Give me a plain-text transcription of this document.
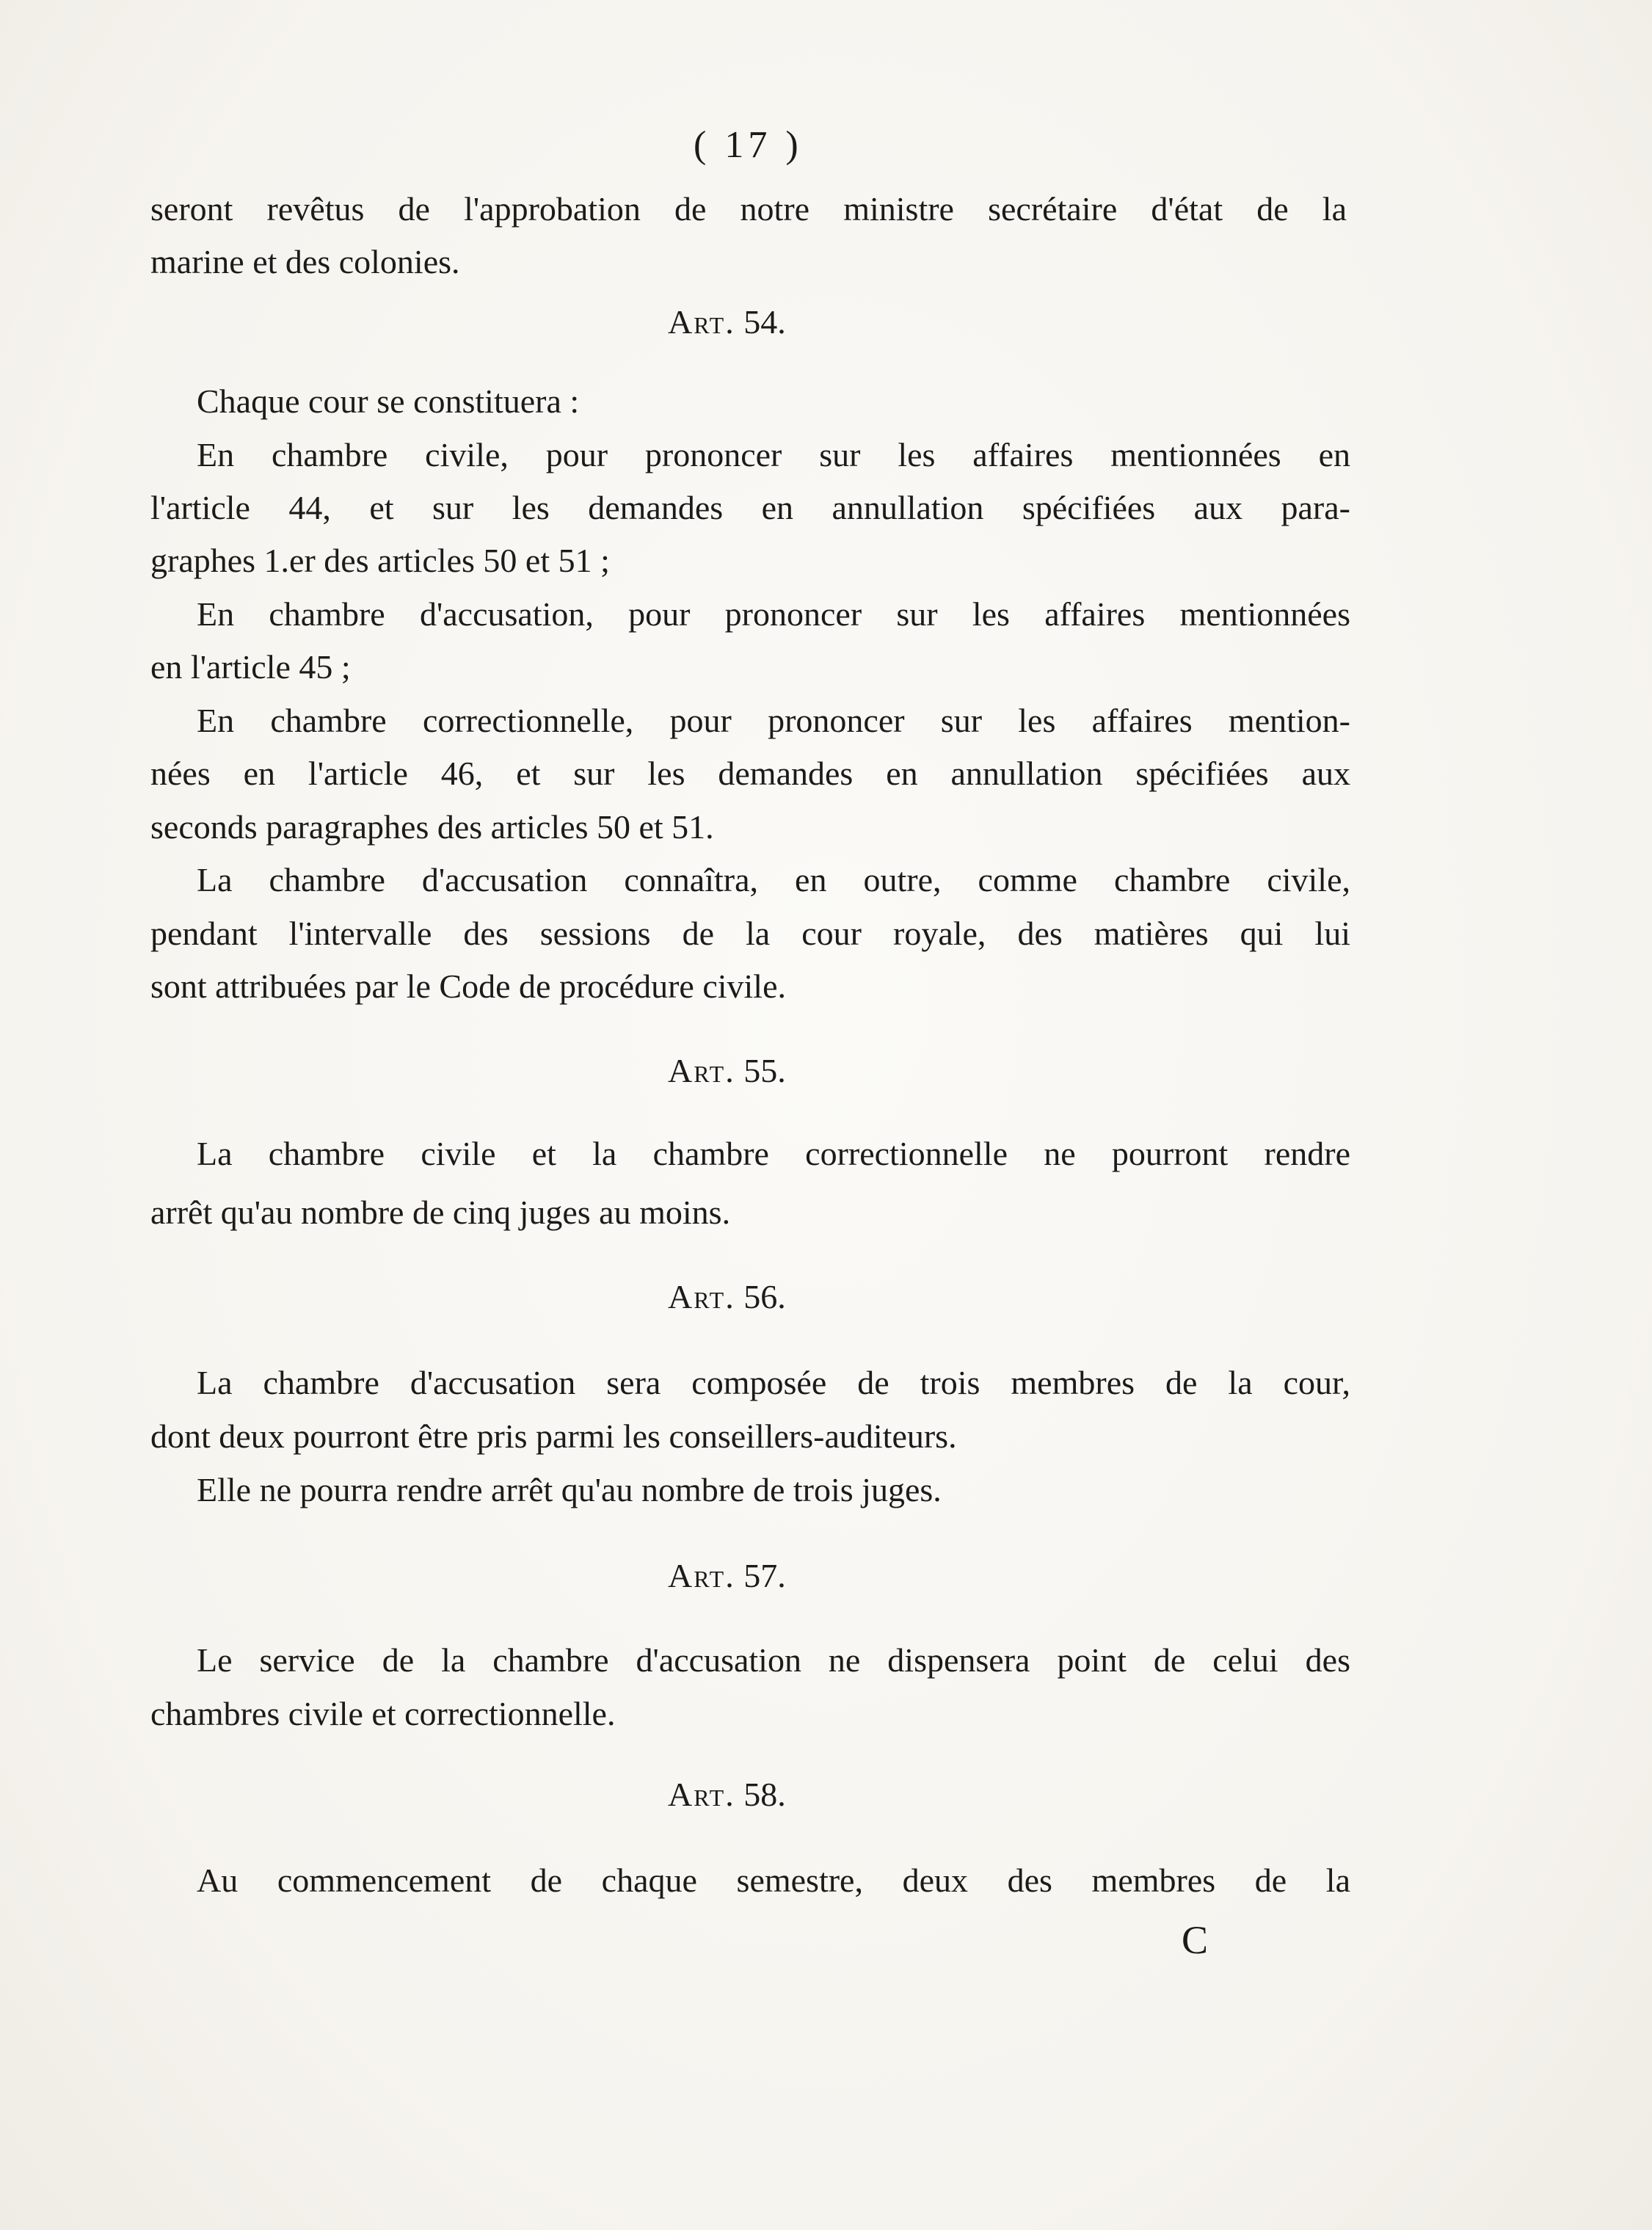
( 17 )
seront revêtus de l'approbation de notre ministre secrétaire d'état de la
marine et des colonies.
Art. 54.
Chaque cour se constituera :
En chambre civile, pour prononcer sur les affaires mentionnées en
l'article 44, et sur les demandes en annullation spécifiées aux para-
graphes 1.er des articles 50 et 51 ;
En chambre d'accusation, pour prononcer sur les affaires mentionnées
en l'article 45 ;
En chambre correctionnelle, pour prononcer sur les affaires mention-
nées en l'article 46, et sur les demandes en annullation spécifiées aux
seconds paragraphes des articles 50 et 51.
La chambre d'accusation connaîtra, en outre, comme chambre civile,
pendant l'intervalle des sessions de la cour royale, des matières qui lui
sont attribuées par le Code de procédure civile.
Art. 55.
La chambre civile et la chambre correctionnelle ne pourront rendre
arrêt qu'au nombre de cinq juges au moins.
Art. 56.
La chambre d'accusation sera composée de trois membres de la cour,
dont deux pourront être pris parmi les conseillers-auditeurs.
Elle ne pourra rendre arrêt qu'au nombre de trois juges.
Art. 57.
Le service de la chambre d'accusation ne dispensera point de celui des
chambres civile et correctionnelle.
Art. 58.
Au commencement de chaque semestre, deux des membres de la
C
